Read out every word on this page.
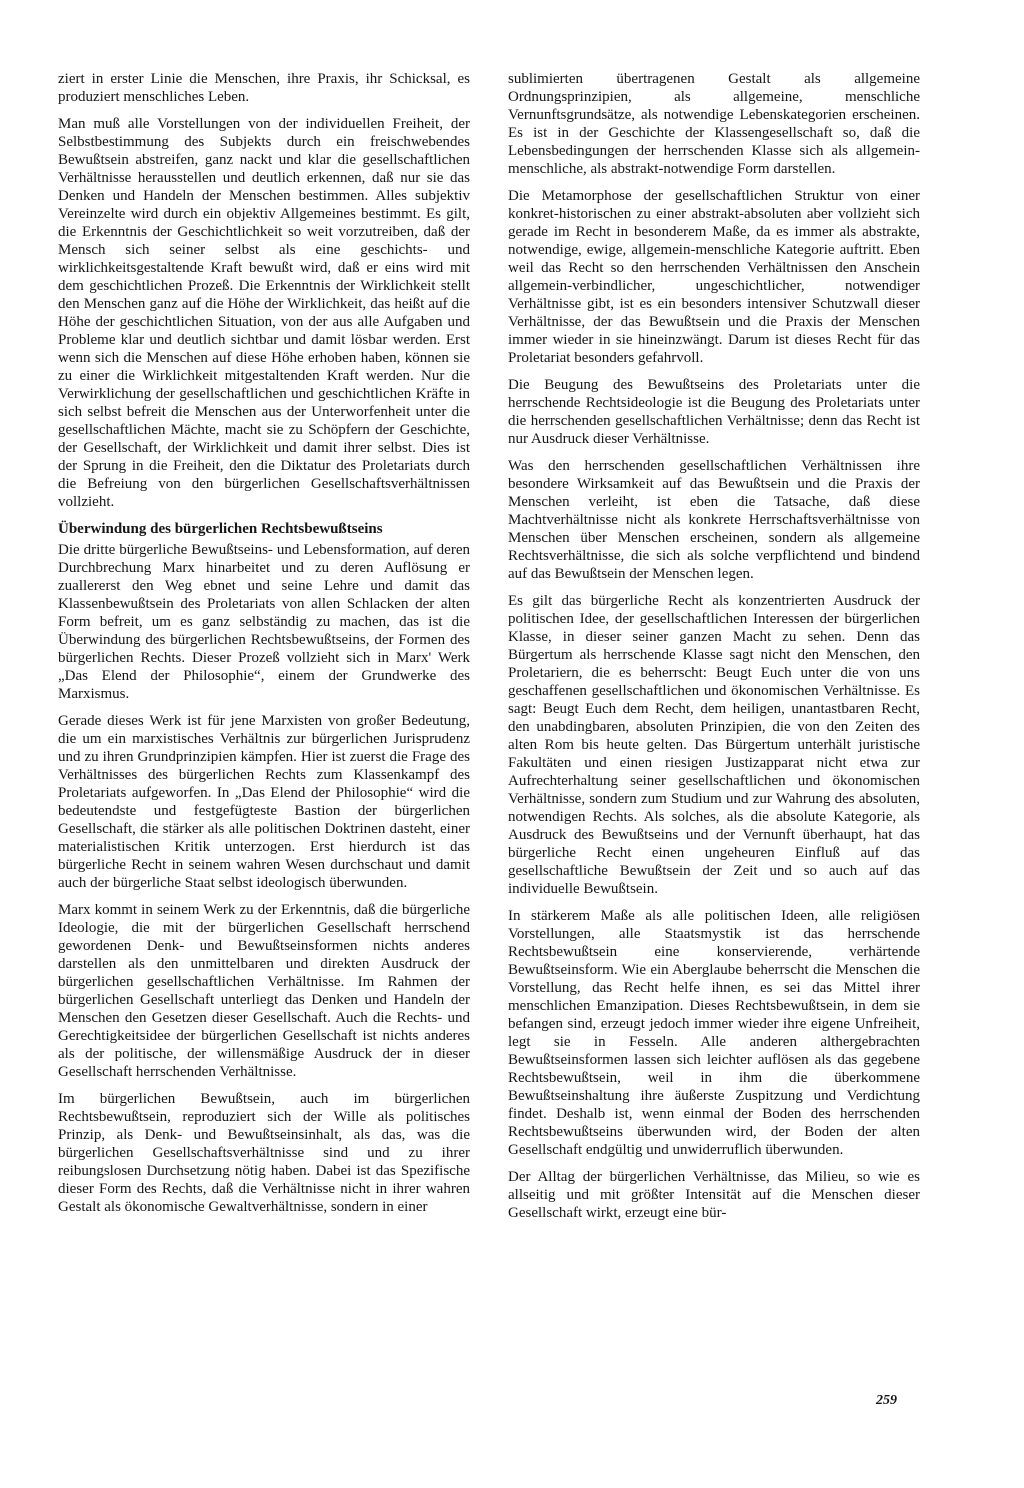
ziert in erster Linie die Menschen, ihre Praxis, ihr Schicksal, es produziert menschliches Leben.

Man muß alle Vorstellungen von der individuellen Freiheit, der Selbstbestimmung des Subjekts durch ein freischwebendes Bewußtsein abstreifen, ganz nackt und klar die gesellschaftlichen Verhältnisse herausstellen und deutlich erkennen, daß nur sie das Denken und Handeln der Menschen bestimmen. Alles subjektiv Vereinzelte wird durch ein objektiv Allgemeines bestimmt. Es gilt, die Erkenntnis der Geschichtlichkeit so weit vorzutreiben, daß der Mensch sich seiner selbst als eine geschichts- und wirklichkeitsgestaltende Kraft bewußt wird, daß er eins wird mit dem geschichtlichen Prozeß. Die Erkenntnis der Wirklichkeit stellt den Menschen ganz auf die Höhe der Wirklichkeit, das heißt auf die Höhe der geschichtlichen Situation, von der aus alle Aufgaben und Probleme klar und deutlich sichtbar und damit lösbar werden. Erst wenn sich die Menschen auf diese Höhe erhoben haben, können sie zu einer die Wirklichkeit mitgestaltenden Kraft werden. Nur die Verwirklichung der gesellschaftlichen und geschichtlichen Kräfte in sich selbst befreit die Menschen aus der Unterworfenheit unter die gesellschaftlichen Mächte, macht sie zu Schöpfern der Geschichte, der Gesellschaft, der Wirklichkeit und damit ihrer selbst. Dies ist der Sprung in die Freiheit, den die Diktatur des Proletariats durch die Befreiung von den bürgerlichen Gesellschaftsverhältnissen vollzieht.

Überwindung des bürgerlichen Rechtsbewußtseins

Die dritte bürgerliche Bewußtseins- und Lebensformation, auf deren Durchbrechung Marx hinarbeitet und zu deren Auflösung er zuallererst den Weg ebnet und seine Lehre und damit das Klassenbewußtsein des Proletariats von allen Schlacken der alten Form befreit, um es ganz selbständig zu machen, das ist die Überwindung des bürgerlichen Rechtsbewußtseins, der Formen des bürgerlichen Rechts. Dieser Prozeß vollzieht sich in Marx' Werk „Das Elend der Philosophie“, einem der Grundwerke des Marxismus.

Gerade dieses Werk ist für jene Marxisten von großer Bedeutung, die um ein marxistisches Verhältnis zur bürgerlichen Jurisprudenz und zu ihren Grundprinzipien kämpfen. Hier ist zuerst die Frage des Verhältnisses des bürgerlichen Rechts zum Klassenkampf des Proletariats aufgeworfen. In „Das Elend der Philosophie“ wird die bedeutendste und festgefügteste Bastion der bürgerlichen Gesellschaft, die stärker als alle politischen Doktrinen dasteht, einer materialistischen Kritik unterzogen. Erst hierdurch ist das bürgerliche Recht in seinem wahren Wesen durchschaut und damit auch der bürgerliche Staat selbst ideologisch überwunden.

Marx kommt in seinem Werk zu der Erkenntnis, daß die bürgerliche Ideologie, die mit der bürgerlichen Gesellschaft herrschend gewordenen Denk- und Bewußtseinsformen nichts anderes darstellen als den unmittelbaren und direkten Ausdruck der bürgerlichen gesellschaftlichen Verhältnisse. Im Rahmen der bürgerlichen Gesellschaft unterliegt das Denken und Handeln der Menschen den Gesetzen dieser Gesellschaft. Auch die Rechts- und Gerechtigkeitsidee der bürgerlichen Gesellschaft ist nichts anderes als der politische, der willensmäßige Ausdruck der in dieser Gesellschaft herrschenden Verhältnisse.

Im bürgerlichen Bewußtsein, auch im bürgerlichen Rechtsbewußtsein, reproduziert sich der Wille als politisches Prinzip, als Denk- und Bewußtseinsinhalt, als das, was die bürgerlichen Gesellschaftsverhältnisse sind und zu ihrer reibungslosen Durchsetzung nötig haben. Dabei ist das Spezifische dieser Form des Rechts, daß die Verhältnisse nicht in ihrer wahren Gestalt als ökonomische Gewaltverhältnisse, sondern in einer

sublimierten übertragenen Gestalt als allgemeine Ordnungsprinzipien, als allgemeine, menschliche Vernunftsgrundsätze, als notwendige Lebenskategorien erscheinen. Es ist in der Geschichte der Klassengesellschaft so, daß die Lebensbedingungen der herrschenden Klasse sich als allgemein-menschliche, als abstrakt-notwendige Form darstellen.

Die Metamorphose der gesellschaftlichen Struktur von einer konkret-historischen zu einer abstrakt-absoluten aber vollzieht sich gerade im Recht in besonderem Maße, da es immer als abstrakte, notwendige, ewige, allgemein-menschliche Kategorie auftritt. Eben weil das Recht so den herrschenden Verhältnissen den Anschein allgemein-verbindlicher, ungeschichtlicher, notwendiger Verhältnisse gibt, ist es ein besonders intensiver Schutzwall dieser Verhältnisse, der das Bewußtsein und die Praxis der Menschen immer wieder in sie hineinzwängt. Darum ist dieses Recht für das Proletariat besonders gefahrvoll.

Die Beugung des Bewußtseins des Proletariats unter die herrschende Rechtsideologie ist die Beugung des Proletariats unter die herrschenden gesellschaftlichen Verhältnisse; denn das Recht ist nur Ausdruck dieser Verhältnisse.

Was den herrschenden gesellschaftlichen Verhältnissen ihre besondere Wirksamkeit auf das Bewußtsein und die Praxis der Menschen verleiht, ist eben die Tatsache, daß diese Machtverhältnisse nicht als konkrete Herrschaftsverhältnisse von Menschen über Menschen erscheinen, sondern als allgemeine Rechtsverhältnisse, die sich als solche verpflichtend und bindend auf das Bewußtsein der Menschen legen.

Es gilt das bürgerliche Recht als konzentrierten Ausdruck der politischen Idee, der gesellschaftlichen Interessen der bürgerlichen Klasse, in dieser seiner ganzen Macht zu sehen. Denn das Bürgertum als herrschende Klasse sagt nicht den Menschen, den Proletariern, die es beherrscht: Beugt Euch unter die von uns geschaffenen gesellschaftlichen und ökonomischen Verhältnisse. Es sagt: Beugt Euch dem Recht, dem heiligen, unantastbaren Recht, den unabdingbaren, absoluten Prinzipien, die von den Zeiten des alten Rom bis heute gelten. Das Bürgertum unterhält juristische Fakultäten und einen riesigen Justizapparat nicht etwa zur Aufrechterhaltung seiner gesellschaftlichen und ökonomischen Verhältnisse, sondern zum Studium und zur Wahrung des absoluten, notwendigen Rechts. Als solches, als die absolute Kategorie, als Ausdruck des Bewußtseins und der Vernunft überhaupt, hat das bürgerliche Recht einen ungeheuren Einfluß auf das gesellschaftliche Bewußtsein der Zeit und so auch auf das individuelle Bewußtsein.

In stärkerem Maße als alle politischen Ideen, alle religiösen Vorstellungen, alle Staatsmystik ist das herrschende Rechtsbewußtsein eine konservierende, verhärtende Bewußtseinsform. Wie ein Aberglaube beherrscht die Menschen die Vorstellung, das Recht helfe ihnen, es sei das Mittel ihrer menschlichen Emanzipation. Dieses Rechtsbewußtsein, in dem sie befangen sind, erzeugt jedoch immer wieder ihre eigene Unfreiheit, legt sie in Fesseln. Alle anderen althergebrachten Bewußtseinsformen lassen sich leichter auflösen als das gegebene Rechtsbewußtsein, weil in ihm die überkommene Bewußtseinshaltung ihre äußerste Zuspitzung und Verdichtung findet. Deshalb ist, wenn einmal der Boden des herrschenden Rechtsbewußtseins überwunden wird, der Boden der alten Gesellschaft endgültig und unwiderruflich überwunden.

Der Alltag der bürgerlichen Verhältnisse, das Milieu, so wie es allseitig und mit größter Intensität auf die Menschen dieser Gesellschaft wirkt, erzeugt eine bür-

259
